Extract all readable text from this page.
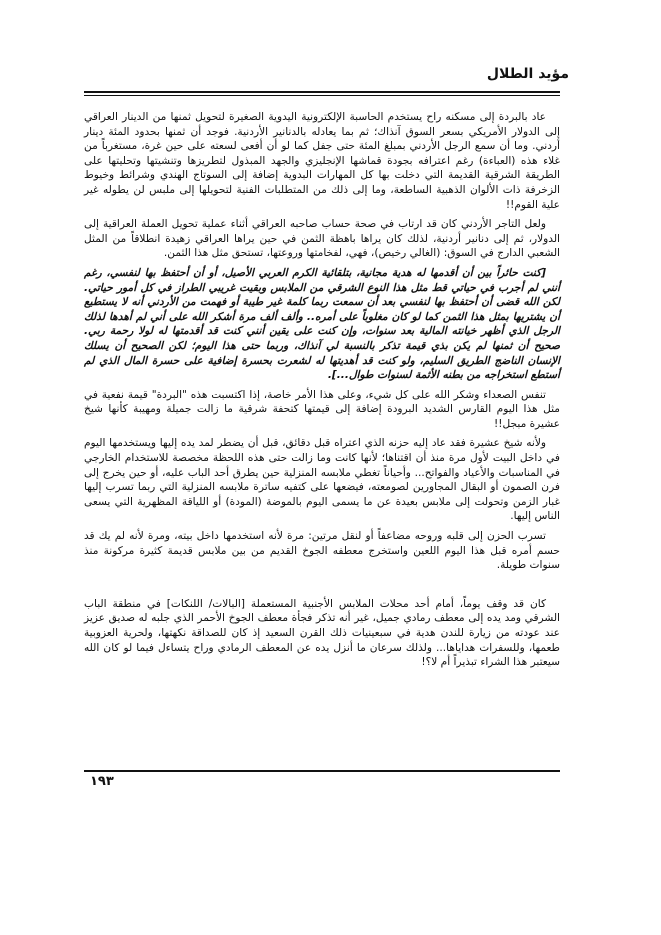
مؤيد الطلال

عاد بالبردة إلى مسكنه راح يستخدم الحاسبة الإلكترونية اليدوية الصغيرة لتحويل ثمنها من الدينار العراقي إلى الدولار الأمريكي بسعر السوق آنذاك؛ ثم بما يعادله بالدنانير الأردنية. فوجد أن ثمنها بحدود المئة دينار أردني. وما أن سمع الرجل الأردني بمبلغ المئة حتى جفل كما لو أن أفعى لسعته على حين غرة، مستغرباً من غلاء هذه (العباءة) رغم اعترافه بجودة قماشها الإنجليزي والجهد المبذول لتطريزها وتنشيتها وتحليتها على الطريقة الشرقية القديمة التي دخلت بها كل المهارات البدوية إضافة إلى السوتاج الهندي وشرائط وخيوط الزخرفة ذات الألوان الذهبية الساطعة، وما إلى ذلك من المتطلبات الفنية لتحويلها إلى ملبس لن يطوله غير علية القوم!!

ولعل التاجر الأردني كان قد ارتاب في صحة حساب صاحبه العراقي أثناء عملية تحويل العملة العراقية إلى الدولار، ثم إلى دنانير أردنية، لذلك كان يراها باهظة الثمن في حين يراها العراقي زهيدة انطلاقاً من المثل الشعبي الدارج في السوق: (الغالي رخيص)، فهي، لفخامتها وروعتها، تستحق مثل هذا الثمن.

[كنت حائراً بين أن أقدمها له هدية مجانية، بتلقائية الكرم العربي الأصيل، أو أن أحتفظ بها لنفسي، رغم أنني لم أجرب في حياتي قط مثل هذا النوع الشرقي من الملابس وبقيت غريبي الطراز في كل أمور حياتي. لكن الله قضى أن أحتفظ بها لنفسي بعد أن سمعت ربما كلمة غير طيبة أو فهمت من الأردني أنه لا يستطيع أن يشتريها بمثل هذا الثمن كما لو كان مغلوباً على أمره.. وألف ألف مرة أشكر الله على أني لم أهدها لذلك الرجل الذي أظهر خيانته المالية بعد سنوات، وإن كنت على يقين أنني كنت قد أقدمتها له لولا رحمة ربي. صحيح أن ثمنها لم يكن بذي قيمة تذكر بالنسبة لي آنذاك، وربما حتى هذا اليوم؛ لكن الصحيح أن يسلك الإنسان الناضج الطريق السليم، ولو كنت قد أهديتها له لشعرت بحسرة إضافية على حسرة المال الذي لم أستطع استخراجه من بطنه الأثمة لسنوات طوال...].

تنفس الصعداء وشكر الله على كل شيء، وعلى هذا الأمر خاصة، إذا اكتسبت هذه "البردة" قيمة نفعية في مثل هذا اليوم القارس الشديد البرودة إضافة إلى قيمتها كتحفة شرقية ما زالت جميلة ومهيبة كأنها شيخ عشيرة مبجل!!

ولأنه شيخ عشيرة فقد عاد إليه حزنه الذي اعتراه قبل دقائق، قبل أن يضطر لمد يده إليها ويستخدمها اليوم في داخل البيت لأول مرة منذ أن اقتناها؛ لأنها كانت وما زالت حتى هذه اللحظة مخصصة للاستخدام الخارجي في المناسبات والأعياد والفواتح... وأحياناً تغطي ملابسه المنزلية حين يطرق أحد الباب عليه، أو حين يخرج إلى فرن الصمون أو البقال المجاورين لصومعته، فيضعها على كتفيه ساترة ملابسه المنزلية التي ربما تسرب إليها غبار الزمن وتحولت إلى ملابس بعيدة عن ما يسمى اليوم بالموضة (المودة) أو اللياقة المظهرية التي يسعى الناس إليها.

تسرب الحزن إلى قلبه وروحه مضاعفاً أو لنقل مرتين: مرة لأنه استخدمها داخل بيته، ومرة لأنه لم يك قد حسم أمره قبل هذا اليوم اللعين واستخرج معطفه الجوخ القديم من بين ملابس قديمة كثيرة مركونة منذ سنوات طويلة.

كان قد وقف يوماً، أمام أحد محلات الملابس الأجنبية المستعملة [البالات/ اللنكات] في منطقة الباب الشرقي ومد يده إلى معطف رمادي جميل، غير أنه تذكر فجأة معطف الجوخ الأحمر الذي جلبه له صديق عزيز عند عودته من زيارة للندن هدية في سبعينيات ذلك القرن السعيد إذ كان للصداقة نكهتها، ولحرية العزوبية طعمها، وللسفرات هداياها... ولذلك سرعان ما أنزل يده عن المعطف الرمادي وراح يتساءل فيما لو كان الله سيعتبر هذا الشراء تبذيراً أم لا؟!

١٩٣
